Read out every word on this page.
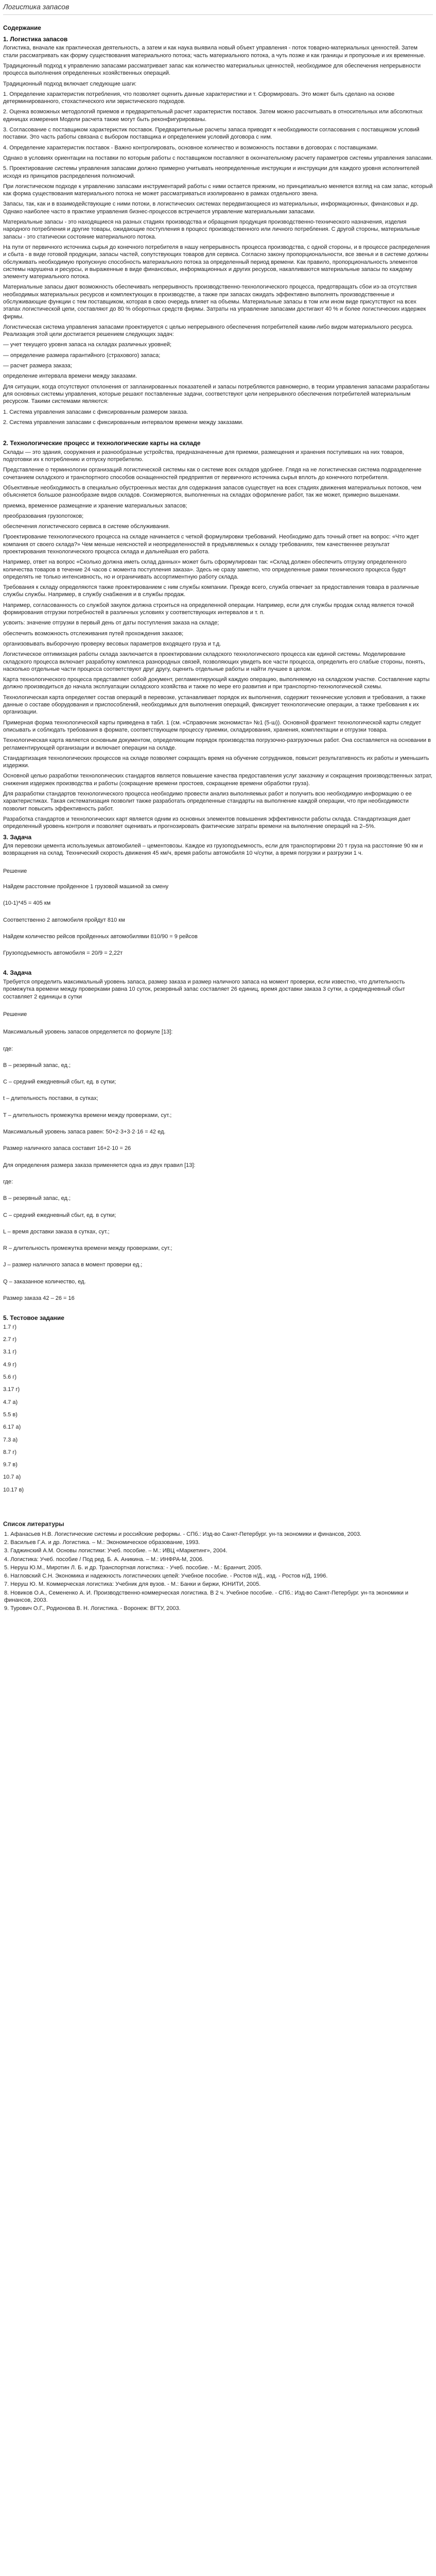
Логистика запасов
Содержание
1. Логистика запасов

Логистика, вначале как практическая деятельность, а затем и как наука выявила новый объект управления - поток товарно-материальных ценностей. Затем стали рассматривать как форму существования материального потока; часть материального потока, а чуть позже и как границы и пропускные и их временные.

Традиционный подход к управлению запасами рассматривает запас как количество материальных ценностей, необходимое для обеспечения непрерывности процесса выполнения определенных хозяйственных операций.

Традиционный подход включает следующие шаги:

1. Определение характеристик потребления, что позволяет оценить данные характеристики и т. Сформировать. Это может быть сделано на основе детерминированного, стохастического или эвристического подходов.

2. Оценка возможных методологий приемов и предварительный расчет характеристик поставок. Затем можно рассчитывать в относительных или абсолютных единицах измерения Модели расчета также могут быть реконфигурированы.

3. Согласование с поставщиком характеристик поставок. Предварительные расчеты запаса приводят к необходимости согласования с поставщиком условий поставки. Это часть работы связана с выбором поставщика и определением условий договора с ним.

4. Определение характеристик поставок - Важно контролировать, основное количество и возможность поставки в договорах с поставщиками.

Однако в условиях ориентации на поставки по которым работы с поставщиком поставляют в окончательному расчету параметров системы управления запасами.

5. Проектирование системы управления запасами должно примерно учитывать неопределенные инструкции и инструкции для каждого уровня исполнителей исходя из принципов распределения полномочий.

При логистическом подходе к управлению запасами инструментарий работы с ними остается прежним, но принципиально меняется взгляд на сам запас, который как форма существования материального потока не может рассматриваться изолированно в рамках отдельного звена.

Запасы, так, как и в взаимодействующие с ними потоки, в логистических системах передвигающиеся из материальных, информационных, финансовых и др. Однако наиболее часто в практике управления бизнес-процессов встречается управление материальными запасами.

Материальные запасы - это находящиеся на разных стадиях производства и обращения продукция производственно-технического назначения, изделия народного потребления и другие товары, ожидающие поступления в процесс производственного или личного потребления. С другой стороны, материальные запасы - это статически состояние материального потока.

На пути от первичного источника сырья до конечного потребителя в нашу непрерывность процесса производства, с одной стороны, и в процессе распределения и сбыта - в виде готовой продукции, запасы частей, сопутствующих товаров для сервиса. Согласно закону пропорциональности, все звенья и в системе должны обслуживать необходимую пропускную способность материального потока за определенный период времени. Как правило, пропорциональность элементов системы нарушена и ресурсы, и выраженные в виде финансовых, информационных и других ресурсов, накапливаются материальные запасы по каждому элементу материального потока.

Материальные запасы дают возможность обеспечивать непрерывность производственно-технологического процесса, предотвращать сбои из-за отсутствия необходимых материальных ресурсов и комплектующих в производстве, а также при запасах ожидать эффективно выполнять производственные и обслуживающие функции с тем поставщиком, которая в свою очередь влияет на объемы. Материальные запасы в том или ином виде присутствуют на всех этапах логистической цепи, составляют до 80 % оборотных средств фирмы. Затраты на управление запасами достигают 40 % и более логистических издержек фирмы.

Логистическая система управления запасами проектируется с целью непрерывного обеспечения потребителей каким-либо видом материального ресурса. Реализация этой цели достигается решением следующих задач:

— учет текущего уровня запаса на складах различных уровней;

— определение размера гарантийного (страхового) запаса;

— расчет размера заказа;

определение интервала времени между заказами.

Для ситуации, когда отсутствуют отклонения от запланированных показателей и запасы потребляются равномерно, в теории управления запасами разработаны для основных системы управления, которые решают поставленные задачи, соответствуют цели непрерывного обеспечения потребителей материальным ресурсом. Такими системами являются:

1. Система управления запасами с фиксированным размером заказа.

2. Система управления запасами с фиксированным интервалом времени между заказами.

2. Технологические процесс и технологические карты на складе

Склады — это здания, сооружения и разнообразные устройства, предназначенные для приемки, размещения и хранения поступивших на них товаров, подготовки их к потреблению и отпуску потребителю.

Представление о терминологии организаций логистической системы как о системе всех складов удобнее. Глядя на не логистическая система подразделение сочетанием складского и транспортного способов оснащенностей предприятия от первичного источника сырья вплоть до конечного потребителя.

Объективные необходимость в специально обустроенных местах для содержания запасов существует на всех стадиях движения материальных потоков, чем объясняется большое разнообразие видов складов. Соизмеряются, выполненных на складах оформление работ, так же может, примерно вышенами.

приемка, временное размещение и хранение материальных запасов;

преобразования грузопотоков;

обеспечения логистического сервиса в системе обслуживания.

Проектирование технологического процесса на складе начинается с четкой формулировки требований. Необходимо дать точный ответ на вопрос: «Что ждет компания от своего склада?» Чем меньше неясностей и неопределенностей в предъявляемых к складу требованиях, тем качественнее результат проектирования технологического процесса склада и дальнейшая его работа.

Например, ответ на вопрос «Сколько должна иметь склад данных» может быть сформулирован так: «Склад должен обеспечить отгрузку определенного количества товаров в течение 24 часов с момента поступления заказа». Здесь не сразу заметно, что определенные рамки технического процесса будут определять не только интенсивность, но и ограничивать ассортиментную работу склада.

Требования к складу определяются также проектированием с ним службы компании. Прежде всего, служба отвечает за предоставления товара в различные службы службы. Например, в службу снабжения и в службы продаж.

Например, согласованность со службой закупок должна строиться на определенной операции. Например, если для службы продаж склад является точкой формирования отгрузки потребностей в различных условиях у соответствующих интервалов и т. п.

усвоить: значение отгрузки в первый день от даты поступления заказа на складе;

обеспечить возможность отслеживания путей прохождения заказов;

организовывать выборочную проверку весовых параметров входящего груза и т.д.

Логистическое оптимизация работы склада заключается в проектировании складского технологического процесса как единой системы. Моделирование складского процесса включает разработку комплекса разнородных связей, позволяющих увидеть все части процесса, определить его слабые стороны, понять, насколько отдельные части процесса соответствуют друг другу, оценить отдельные работы и найти лучшее в целом.

Карта технологического процесса представляет собой документ, регламентирующий каждую операцию, выполняемую на складском участке. Составление карты должно производиться до начала эксплуатации складского хозяйства и также по мере его развития и при транспортно-технологической схемы.

Технологическая карта определяет состав операций в перевозке, устанавливает порядок их выполнения, содержит технические условия и требования, а также данные о составе оборудования и приспособлений, необходимых для выполнения операций, фиксирует технологические операции, а также требования к их организации.

Примерная форма технологической карты приведена в табл. 1 (см. «Справочник экономиста» №1 (5-ш)). Основной фрагмент технологической карты следует описывать и соблюдать требования в формате, соответствующем процессу приемки, складирования, хранения, комплектации и отгрузки товара.

Технологическая карта является основным документом, определяющим порядок производства погрузочно-разгрузочных работ. Она составляется на основании в регламентирующей организации и включает операции на складе.

Стандартизация технологических процессов на складе позволяет сокращать время на обучение сотрудников, повысит результативность их работы и уменьшить издержки.

Основной целью разработки технологических стандартов является повышение качества предоставления услуг заказчику и сокращения производственных затрат, снижения издержек производства и работы (сокращение времени простоев, сокращение времени обработки груза).

Для разработки стандартов технологического процесса необходимо провести анализ выполняемых работ и получить всю необходимую информацию о ее характеристиках. Такая систематизация позволит также разработать определенные стандарты на выполнение каждой операции, что при необходимости позволит повысить эффективность работ.

Разработка стандартов и технологических карт является одним из основных элементов повышения эффективности работы склада. Стандартизация дает определенный уровень контроля и позволяет оценивать и прогнозировать фактические затраты времени на выполнение операций на 2–5%.

3. Задача

Для перевозки цемента используемых автомобилей – цементовозы. Каждое из грузоподъемность, если для транспортировки 20 т груза на расстояние 90 км и возвращения на склад. Технический скорость движения 45 км/ч, время работы автомобиля 10 ч/сутки, а время погрузки и разгрузки 1 ч.

Решение

Найдем расстояние пройденное 1 грузовой машиной за смену

(10-1)*45 = 405 км

Соответственно 2 автомобиля пройдут 810 км

Найдем количество рейсов пройденных автомобилями 810/90 = 9 рейсов

Грузоподъемность автомобиля = 20/9 = 2,22т

4. Задача

Требуется определить максимальный уровень запаса, размер заказа и размер наличного запаса на момент проверки, если известно, что длительность промежутка времени между проверками равна 10 суток, резервный запас составляет 26 единиц, время доставки заказа 3 сутки, а среднедневный сбыт составляет 2 единицы в сутки

Решение

Максимальный уровень запасов определяется по формуле [13]:

где:

В – резервный запас, ед.;

С – средний ежедневный сбыт, ед. в сутки;

t – длительность поставки, в сутках;

Т – длительность промежутка времени между проверками, сут.;

Максимальный уровень запаса равен: 50+2·3+3·2·16 = 42 ед.

Размер наличного запаса составит 16+2·10 = 26

Для определения размера заказа применяется одна из двух правил [13]:

где:

В – резервный запас, ед.;

С – средний ежедневный сбыт, ед. в сутки;

L – время доставки заказа в сутках, сут.;

R – длительность промежутка времени между проверками, сут.;

J – размер наличного запаса в момент проверки ед.;

Q – заказанное количество, ед.

Размер заказа 42 – 26 = 16

5. Тестовое задание

1.7 г)

2.7 г)

3.1 г)

4.9 г)

5.6 г)

3.17 г)

4.7 а)

5.5 в)

6.17 а)

7.3 а)

8.7 г)

9.7 в)

10.7 а)

10.17 в)

Список литературы
1. Афанасьев Н.В. Логистические системы и российские реформы. - СПб.: Изд-во Санкт-Петербург. ун-та экономики и финансов, 2003.
2. Васильев Г.А. и др. Логистика. – М.: Экономическое образование, 1993.
3. Гаджинский А.М. Основы логистики: Учеб. пособие. – М.: ИВЦ «Маркетинг», 2004.
4. Логистика: Учеб. пособие / Под ред. Б. А. Аникина. – М.: ИНФРА-М, 2006.
5. Неруш Ю.М., Миротин Л. Б. и др. Транспортная логистика: - Учеб. пособие. - М.: Бранчит, 2005.
6. Нагловский С.Н. Экономика и надежность логистических цепей: Учебное пособие. - Ростов н/Д., изд. - Ростов н/Д, 1996.
7. Неруш Ю. М. Коммерческая логистика: Учебник для вузов. - М.: Банки и биржи, ЮНИТИ, 2005.
8. Новиков О.А., Семененко А. И. Производственно-коммерческая логистика. В 2 ч. Учебное пособие. - СПб.: Изд-во Санкт-Петербург. ун-та экономики и финансов, 2003.
9. Турович О.Г., Родионова В. Н. Логистика. - Воронеж: ВГТУ, 2003.
